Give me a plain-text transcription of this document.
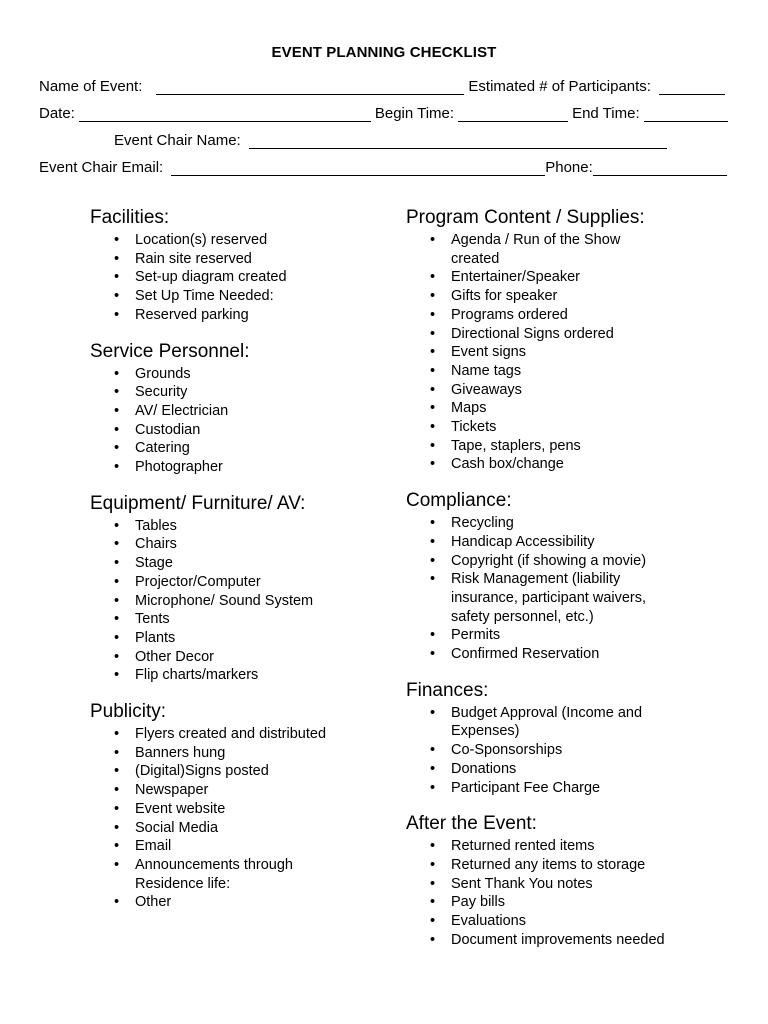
EVENT PLANNING CHECKLIST
Name of Event:	Estimated # of Participants:
Date:	Begin Time:	End Time:
Event Chair Name:
Event Chair Email:	Phone:
Facilities:
• Location(s) reserved
• Rain site reserved
• Set-up diagram created
• Set Up Time Needed:
• Reserved parking
Service Personnel:
• Grounds
• Security
• AV/ Electrician
• Custodian
• Catering
• Photographer
Equipment/ Furniture/ AV:
• Tables
• Chairs
• Stage
• Projector/Computer
• Microphone/ Sound System
• Tents
• Plants
• Other Decor
• Flip charts/markers
Publicity:
• Flyers created and distributed
• Banners hung
• (Digital)Signs posted
• Newspaper
• Event website
• Social Media
• Email
• Announcements through Residence life:
• Other
Program Content / Supplies:
• Agenda / Run of the Show created
• Entertainer/Speaker
• Gifts for speaker
• Programs ordered
• Directional Signs ordered
• Event signs
• Name tags
• Giveaways
• Maps
• Tickets
• Tape, staplers, pens
• Cash box/change
Compliance:
• Recycling
• Handicap Accessibility
• Copyright (if showing a movie)
• Risk Management (liability insurance, participant waivers, safety personnel, etc.)
• Permits
• Confirmed Reservation
Finances:
• Budget Approval (Income and Expenses)
• Co-Sponsorships
• Donations
• Participant Fee Charge
After the Event:
• Returned rented items
• Returned any items to storage
• Sent Thank You notes
• Pay bills
• Evaluations
• Document improvements needed
